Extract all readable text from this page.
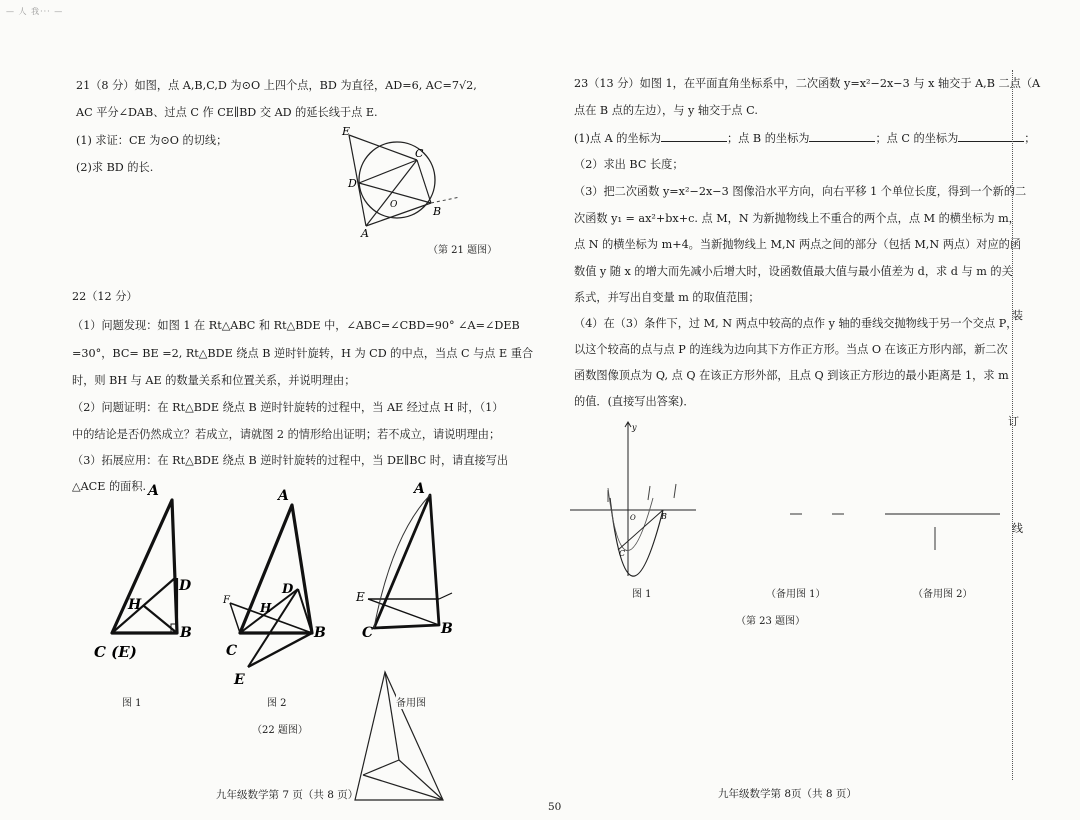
— 人 我··· —

21（8 分）如图，点 A,B,C,D 为⊙O 上四个点，BD 为直径，AD=6, AC=7√2,

AC 平分∠DAB、过点 C 作 CE∥BD 交 AD 的延长线于点 E.

(1) 求证：CE 为⊙O 的切线；

(2)求 BD 的长.

E
C
D
O	B
A
（第 21 题图）

22（12 分）

（1）问题发现：如图 1 在 Rt△ABC 和 Rt△BDE 中，∠ABC=∠CBD=90° ∠A=∠DEB

=30°，BC= BE =2, Rt△BDE 绕点 B 逆时针旋转，H 为 CD 的中点，当点 C 与点 E 重合

时，则 BH 与 AE 的数量关系和位置关系，并说明理由；

（2）问题证明：在 Rt△BDE 绕点 B 逆时针旋转的过程中，当 AE 经过点 H 时，（1）

中的结论是否仍然成立？若成立，请就图 2 的情形给出证明；若不成立，请说明理由；

（3）拓展应用：在 Rt△BDE 绕点 B 逆时针旋转的过程中，当 DE∥BC 时，请直接写出

△ACE 的面积. A
D
H
B
C (E)
图 1
A
D
H
F
B
C
E
图 2
A
E
C	B
备用图
（22 题图）
九年级数学第 7 页（共 8 页）
50

23（13 分）如图 1，在平面直角坐标系中，二次函数 y=x²−2x−3 与 x 轴交于 A,B 二点（A

点在 B 点的左边），与 y 轴交于点 C.

(1)点 A 的坐标为	；点 B 的坐标为	；点 C 的坐标为	；

（2）求出 BC 长度；

（3）把二次函数 y=x²−2x−3 图像沿水平方向，向右平移 1 个单位长度，得到一个新的二

次函数 y₁ = ax²+bx+c. 点 M，N 为新抛物线上不重合的两个点，点 M 的横坐标为 m，

点 N 的横坐标为 m+4。当新抛物线上 M,N 两点之间的部分（包括 M,N 两点）对应的函

数值 y 随 x 的增大而先减小后增大时，设函数值最大值与最小值差为 d，求 d 与 m 的关

系式，并写出自变量 m 的取值范围；

（4）在（3）条件下，过 M, N 两点中较高的点作 y 轴的垂线交抛物线于另一个交点 P，

以这个较高的点与点 P 的连线为边向其下方作正方形。当点 O 在该正方形内部，新二次

函数图像顶点为 Q, 点 Q 在该正方形外部，且点 Q 到该正方形边的最小距离是 1，求 m

的值．(直接写出答案)．

y
O	B
C
图 1	（备用图 1）	（备用图 2）
（第 23 题图）
九年级数学第 8页（共 8 页）
装
订
线
